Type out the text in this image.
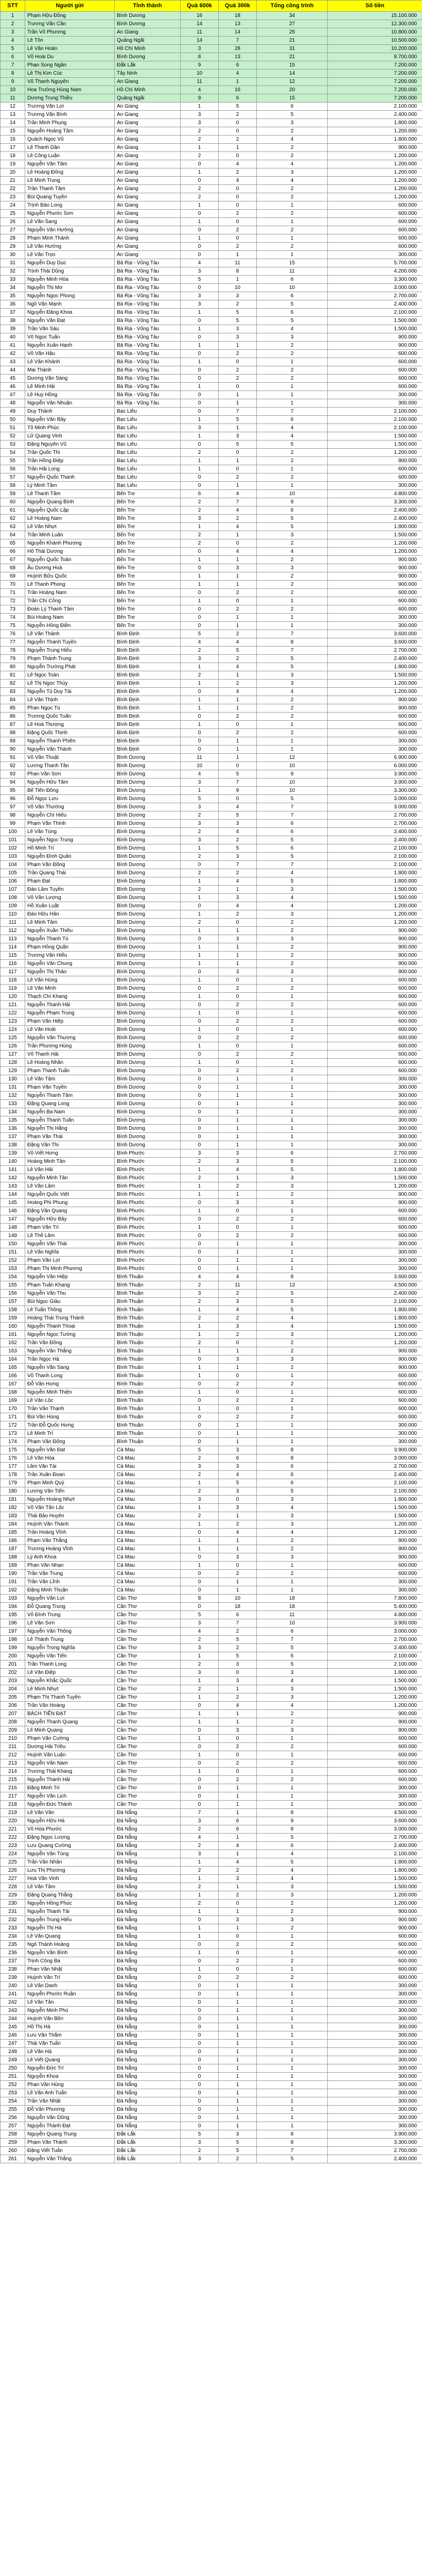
STT	Người gửi	Tỉnh thành	Quà 600k	Quà 300k	Tổng công trình	Số tiền
1	Phạm Hữu Đồng	Bình Dương	16	18	34	15.100.000
2	Trương Văn Cần	Bình Dương	14	13	27	12.300.000
3	Trần Võ Phương	An Giang	11	14	25	10.800.000
4	Lê Tôn	Quảng Ngãi	14	7	21	10.500.000
5	Lê Văn Hoàn	Hồ Chí Minh	3	28	31	10.200.000
6	Võ Hoài Du	Bình Dương	8	13	21	8.700.000
7	Phan Song Ngân	Đắk Lắk	9	6	15	7.200.000
8	Lê Thị Kim Cúc	Tây Ninh	10	4	14	7.200.000
9	Võ Thanh Nguyên	An Giang	11	1	12	7.200.000
10	Hoa Trường Hùng Nam	Hồ Chí Minh	4	16	20	7.200.000
11	Dương Trung Thiều	Quảng Ngãi	9	6	15	7.200.000
12	Trương Văn Lợi	An Giang	1	5	6	2.100.000
13	Trương Văn Bình	An Giang	3	2	5	2.400.000
14	Trần Minh Phụng	An Giang	3	0	3	1.800.000
15	Nguyễn Hoàng Tâm	An Giang	2	0	2	1.200.000
16	Quách Ngọc Vũ	An Giang	2	2	4	1.800.000
17	Lê Thanh Dân	An Giang	1	1	2	900.000
18	Lê Công Luận	An Giang	2	0	2	1.200.000
19	Nguyễn Văn Tâm	An Giang	0	4	4	1.200.000
20	Lê Hoàng Đông	An Giang	1	2	3	1.200.000
21	Lê Minh Trung	An Giang	0	4	4	1.200.000
22	Trần Thanh Tâm	An Giang	2	0	2	1.200.000
23	Bùi Quang Tuyền	An Giang	2	0	2	1.200.000
24	Trịnh Bảo Long	An Giang	1	0	1	600.000
25	Nguyễn Phước Sơn	An Giang	0	2	2	600.000
26	Lê Văn Sang	An Giang	1	0	1	600.000
27	Nguyễn Văn Hường	An Giang	0	2	2	600.000
28	Phạm Minh Thành	An Giang	1	0	1	600.000
29	Lê Văn Hường	An Giang	0	2	2	600.000
30	Lê Văn Trọn	An Giang	0	1	1	300.000
31	Nguyễn Duy Dục	Bà Rịa - Vũng Tàu	4	11	15	5.700.000
32	Trịnh Thái Dũng	Bà Rịa - Vũng Tàu	3	8	11	4.200.000
33	Nguyễn Minh Hòa	Bà Rịa - Vũng Tàu	5	1	6	3.300.000
34	Nguyễn Thị Mơ	Bà Rịa - Vũng Tàu	0	10	10	3.000.000
35	Nguyễn Ngọc Phong	Bà Rịa - Vũng Tàu	3	3	6	2.700.000
36	Ngô Văn Mạnh	Bà Rịa - Vũng Tàu	3	2	5	2.400.000
37	Nguyễn Đăng Khoa	Bà Rịa - Vũng Tàu	1	5	6	2.100.000
38	Nguyễn Văn Đạt	Bà Rịa - Vũng Tàu	0	5	5	1.500.000
39	Trần Văn Sáu	Bà Rịa - Vũng Tàu	1	3	4	1.500.000
40	Võ Ngọc Tuấn	Bà Rịa - Vũng Tàu	0	3	3	900.000
41	Nguyễn Xuân Hạnh	Bà Rịa - Vũng Tàu	1	1	2	900.000
42	Võ Văn Hậu	Bà Rịa - Vũng Tàu	0	2	2	600.000
43	Lê Văn Khánh	Bà Rịa - Vũng Tàu	1	0	1	600.000
44	Mai Thành	Bà Rịa - Vũng Tàu	0	2	2	600.000
45	Dương Văn Sáng	Bà Rịa - Vũng Tàu	0	2	2	600.000
46	Lê Minh Hải	Bà Rịa - Vũng Tàu	1	0	1	600.000
47	Lê Huy Hồng	Bà Rịa - Vũng Tàu	0	1	1	300.000
48	Nguyễn Văn Nhuận	Bà Rịa - Vũng Tàu	0	1	1	300.000
49	Duy Thành	Bạc Liêu	0	7	7	2.100.000
50	Nguyễn Văn Bảy	Bạc Liêu	1	5	6	2.100.000
51	Tô Minh Phúc	Bạc Liêu	3	1	4	2.100.000
52	Lữ Quang Vinh	Bạc Liêu	1	3	4	1.500.000
53	Đặng Nguyên Vũ	Bạc Liêu	0	5	5	1.500.000
54	Trần Quốc Thi	Bạc Liêu	2	0	2	1.200.000
55	Trần Hồng Điệp	Bạc Liêu	1	1	2	900.000
56	Trần Hải Long	Bạc Liêu	1	0	1	600.000
57	Nguyễn Quốc Thanh	Bạc Liêu	0	2	2	600.000
58	Lý Minh Tâm	Bạc Liêu	0	1	1	300.000
59	Lê Thanh Tâm	Bến Tre	6	4	10	4.800.000
60	Nguyễn Quang Bình	Bến Tre	2	7	9	3.300.000
61	Nguyễn Quốc Lập	Bến Tre	2	4	6	2.400.000
62	Lê Hoàng Nam	Bến Tre	3	2	5	2.400.000
63	Lê Văn Nhựt	Bến Tre	1	4	5	1.800.000
64	Trần Minh Luân	Bến Tre	2	1	3	1.500.000
65	Nguyễn Khánh Phương	Bến Tre	2	0	2	1.200.000
66	Hồ Thái Dương	Bến Tre	0	4	4	1.200.000
67	Nguyễn Quốc Toàn	Bến Tre	1	1	2	900.000
68	Âu Dương Hoà	Bến Tre	0	3	3	900.000
69	Huỳnh Bửu Quốc	Bến Tre	1	1	2	900.000
70	Lê Thanh Phong	Bến Tre	1	1	2	900.000
71	Trần Hoàng Nam	Bến Tre	0	2	2	600.000
72	Trần Chí Công	Bến Tre	1	0	1	600.000
73	Đoàn Lý Thanh Tâm	Bến Tre	0	2	2	600.000
74	Bùi Hoàng Nam	Bến Tre	0	1	1	300.000
75	Nguyễn Hồng Điền	Bến Tre	0	1	1	300.000
76	Lê Văn Thành	Bình Định	5	2	7	3.600.000
77	Nguyễn Thanh Tuyền	Bình Định	4	4	8	3.600.000
78	Nguyễn Trung Hiếu	Bình Định	2	5	7	2.700.000
79	Phạm Thành Trung	Bình Định	3	2	5	2.400.000
80	Nguyễn Trường Phát	Bình Định	1	4	5	1.800.000
81	Lê Ngọc Toàn	Bình Định	2	1	3	1.500.000
82	Lê Thị Ngọc Thùy	Bình Định	1	2	3	1.200.000
83	Nguyễn Tú Duy Tài	Bình Định	0	4	4	1.200.000
84	Lê Văn Thịnh	Bình Định	1	1	2	900.000
85	Phan Ngọc Tú	Bình Định	1	1	2	900.000
86	Trương Quốc Tuấn	Bình Định	0	2	2	600.000
87	Lê Hoà Thượng	Bình Định	1	0	1	600.000
88	Đặng Quốc Thịnh	Bình Định	0	2	2	600.000
89	Nguyễn Thanh Phiên	Bình Định	0	1	1	300.000
90	Nguyễn Văn Thành	Bình Định	0	1	1	300.000
91	Võ Văn Thuật	Bình Dương	11	1	12	6.900.000
92	Lương Thanh Tân	Bình Dương	10	0	10	6.000.000
93	Phan Văn Sơn	Bình Dương	4	5	9	3.900.000
94	Nguyễn Hữu Tâm	Bình Dương	3	7	10	3.900.000
95	Bế Tiến Đông	Bình Dương	1	9	10	3.300.000
96	Đỗ Ngọc Lưu	Bình Dương	5	0	5	3.000.000
97	Võ Văn Thường	Bình Dương	3	4	7	3.000.000
98	Nguyễn Chí Hiếu	Bình Dương	2	5	7	2.700.000
99	Phạm Văn Thình	Bình Dương	3	3	6	2.700.000
100	Lê Văn Tùng	Bình Dương	2	4	6	2.400.000
101	Nguyễn Ngọc Trung	Bình Dương	3	2	5	2.400.000
102	Hồ Minh Trí	Bình Dương	1	5	6	2.100.000
103	Nguyễn Đình Quân	Bình Dương	2	3	5	2.100.000
104	Phạm Văn Đồng	Bình Dương	0	7	7	2.100.000
105	Trần Quang Thái	Bình Dương	2	2	4	1.800.000
106	Phạm Đạt	Bình Dương	1	4	5	1.800.000
107	Đào Lâm Tuyền	Bình Dương	2	1	3	1.500.000
108	Võ Văn Lượng	Bình Dương	1	3	4	1.500.000
109	Hồ Xuân Luật	Bình Dương	0	4	4	1.200.000
110	Đào Hữu Hân	Bình Dương	1	2	3	1.200.000
111	Lê Minh Tâm	Bình Dương	2	0	2	1.200.000
112	Nguyễn Xuân Thiều	Bình Dương	1	1	2	900.000
113	Nguyễn Thanh Tú	Bình Dương	0	3	3	900.000
114	Phạm Hồng Quân	Bình Dương	1	1	2	900.000
115	Trương Văn Hiếu	Bình Dương	1	1	2	900.000
116	Nguyễn Văn Chung	Bình Dương	1	1	2	900.000
117	Nguyễn Thị Thảo	Bình Dương	0	3	3	900.000
118	Lê Văn Hùng	Bình Dương	1	0	1	600.000
119	Lê Văn Minh	Bình Dương	0	2	2	600.000
120	Thạch Chí Khang	Bình Dương	1	0	1	600.000
121	Nguyễn Thanh Hải	Bình Dương	0	2	2	600.000
122	Nguyễn Phạm Trung	Bình Dương	1	0	1	600.000
123	Phạm Văn Hiệp	Bình Dương	0	2	2	600.000
124	Lê Văn Hoài	Bình Dương	1	0	1	600.000
125	Nguyễn Văn Thương	Bình Dương	0	2	2	600.000
126	Trần Phương Hùng	Bình Dương	1	0	1	600.000
127	Võ Thanh Hải	Bình Dương	0	2	2	600.000
128	Lê Hoàng Nhân	Bình Dương	1	0	1	600.000
129	Phạm Thanh Tuấn	Bình Dương	0	2	2	600.000
130	Lê Văn Tâm	Bình Dương	0	1	1	300.000
131	Phạm Văn Tuyền	Bình Dương	0	1	1	300.000
132	Nguyễn Thanh Tâm	Bình Dương	0	1	1	300.000
133	Đặng Quang Long	Bình Dương	0	1	1	300.000
134	Nguyễn Ba Nam	Bình Dương	0	1	1	300.000
135	Nguyễn Thanh Tuấn	Bình Dương	0	1	1	300.000
136	Nguyễn Thị Hằng	Bình Dương	0	1	1	300.000
137	Phạm Văn Thái	Bình Dương	0	1	1	300.000
138	Đặng Văn Thi	Bình Dương	0	1	1	300.000
139	Võ Viết Hưng	Bình Phước	3	3	6	2.700.000
140	Hoàng Minh Tân	Bình Phước	2	3	5	2.100.000
141	Lê Văn Hải	Bình Phước	1	4	5	1.800.000
142	Nguyễn Minh Tân	Bình Phước	2	1	3	1.500.000
143	Lê Văn Lâm	Bình Phước	1	2	3	1.200.000
144	Nguyễn Quốc Việt	Bình Phước	1	1	2	900.000
145	Hoàng Phi Phung	Bình Phước	0	3	3	900.000
146	Đặng Văn Quang	Bình Phước	1	0	1	600.000
147	Nguyễn Hữu Bảy	Bình Phước	0	2	2	600.000
148	Phạm Văn Trí	Bình Phước	1	0	1	600.000
149	Lê Thế Lâm	Bình Phước	0	2	2	600.000
150	Nguyễn Văn Thái	Bình Phước	0	1	1	300.000
151	Lê Văn Nghĩa	Bình Phước	0	1	1	300.000
152	Phạm Văn Lợi	Bình Phước	0	1	1	300.000
153	Phạm Thị Minh Phương	Bình Phước	0	1	1	300.000
154	Nguyễn Văn Hiệp	Bình Thuận	4	4	8	3.600.000
155	Phạm Tuấn Khang	Bình Thuận	2	11	13	4.500.000
156	Nguyễn Văn Thu	Bình Thuận	3	2	5	2.400.000
157	Bùi Ngọc Giàu	Bình Thuận	2	3	5	2.100.000
158	Lê Tuấn Thông	Bình Thuận	1	4	5	1.800.000
159	Hoàng Thái Trung Thành	Bình Thuận	2	2	4	1.800.000
160	Nguyễn Thanh Thoại	Bình Thuận	1	3	4	1.500.000
161	Nguyễn Ngọc Tường	Bình Thuận	1	2	3	1.200.000
162	Trần Văn Đồng	Bình Thuận	2	0	2	1.200.000
163	Nguyễn Văn Thắng	Bình Thuận	1	1	2	900.000
164	Trần Ngọc Hà	Bình Thuận	0	3	3	900.000
165	Nguyễn Văn Sang	Bình Thuận	1	1	2	900.000
166	Võ Thanh Long	Bình Thuận	1	0	1	600.000
167	Đỗ Văn Hưng	Bình Thuận	0	2	2	600.000
168	Nguyễn Minh Thiện	Bình Thuận	1	0	1	600.000
169	Lê Văn Lộc	Bình Thuận	0	2	2	600.000
170	Trần Văn Thạnh	Bình Thuận	1	0	1	600.000
171	Bùi Văn Hùng	Bình Thuận	0	2	2	600.000
172	Trần Đỗ Quốc Hưng	Bình Thuận	0	1	1	300.000
173	Lê Minh Trí	Bình Thuận	0	1	1	300.000
174	Phạm Văn Đông	Bình Thuận	0	1	1	300.000
175	Nguyễn Văn Đạt	Cà Mau	5	3	8	3.900.000
176	Lê Văn Hòa	Cà Mau	2	6	8	3.000.000
177	Lâm Văn Tài	Cà Mau	3	3	6	2.700.000
178	Trần Xuân Đoan	Cà Mau	2	4	6	2.400.000
179	Phạm Minh Quý	Cà Mau	1	5	6	2.100.000
180	Lương Văn Tiến	Cà Mau	2	3	5	2.100.000
181	Nguyễn Hoàng Nhựt	Cà Mau	3	0	3	1.800.000
182	Võ Văn Tấn Lộc	Cà Mau	1	3	4	1.500.000
183	Thái Bảo Huyên	Cà Mau	2	1	3	1.500.000
184	Huỳnh Văn Thành	Cà Mau	1	2	3	1.200.000
185	Trần Hoàng Vĩnh	Cà Mau	0	4	4	1.200.000
186	Phạm Văn Thắng	Cà Mau	1	1	2	900.000
187	Trương Hoàng Vĩnh	Cà Mau	1	1	2	900.000
188	Lý Anh Khoa	Cà Mau	0	3	3	900.000
189	Phan Văn Nhạn	Cà Mau	1	0	1	600.000
190	Trần Văn Trung	Cà Mau	0	2	2	600.000
191	Trần Văn Lĩnh	Cà Mau	0	1	1	300.000
192	Đặng Minh Thuận	Cà Mau	0	1	1	300.000
193	Nguyễn Văn Lợi	Cần Thơ	8	10	18	7.800.000
194	Đỗ Quang Trung	Cần Thơ	0	18	18	5.400.000
195	Võ Đình Trung	Cần Thơ	5	6	11	4.800.000
196	Lê Văn Sơn	Cần Thơ	3	7	10	3.900.000
197	Nguyễn Văn Thông	Cần Thơ	4	2	6	3.000.000
198	Lê Thành Trung	Cần Thơ	2	5	7	2.700.000
199	Nguyễn Trọng Nghĩa	Cần Thơ	3	2	5	2.400.000
200	Nguyễn Văn Tiến	Cần Thơ	1	5	6	2.100.000
201	Trần Thanh Long	Cần Thơ	2	3	5	2.100.000
202	Lê Văn Điệp	Cần Thơ	3	0	3	1.800.000
203	Nguyễn Khắc Quốc	Cần Thơ	1	3	4	1.500.000
204	Lê Minh Nhựt	Cần Thơ	2	1	3	1.500.000
205	Phạm Thị Thanh Tuyền	Cần Thơ	1	2	3	1.200.000
206	Trần Văn Hoàng	Cần Thơ	0	4	4	1.200.000
207	BÁCH TIẾN ĐẠT	Cần Thơ	1	1	2	900.000
208	Nguyễn Thanh Quang	Cần Thơ	1	1	2	900.000
209	Lê Minh Quang	Cần Thơ	0	3	3	900.000
210	Phạm Văn Cường	Cần Thơ	1	0	1	600.000
211	Dương Hải Triều	Cần Thơ	0	2	2	600.000
212	Huỳnh Văn Luận	Cần Thơ	1	0	1	600.000
213	Nguyễn Văn Nam	Cần Thơ	0	2	2	600.000
214	Trương Thái Khang	Cần Thơ	1	0	1	600.000
215	Nguyễn Thanh Hải	Cần Thơ	0	2	2	600.000
216	Đặng Minh Trí	Cần Thơ	0	1	1	300.000
217	Nguyễn Văn Lịch	Cần Thơ	0	1	1	300.000
218	Nguyễn Đức Thành	Cần Thơ	0	1	1	300.000
219	Lê Văn Vân	Đà Nẵng	7	1	8	4.500.000
220	Nguyễn Hữu Hà	Đà Nẵng	3	6	9	3.600.000
221	Võ Hòa Phước	Đà Nẵng	2	6	8	3.000.000
222	Đặng Ngọc Lượng	Đà Nẵng	4	1	5	2.700.000
223	Lưu Quang Cường	Đà Nẵng	2	4	6	2.400.000
224	Nguyễn Văn Tùng	Đà Nẵng	3	1	4	2.100.000
225	Trần Văn Nhân	Đà Nẵng	1	4	5	1.800.000
226	Lưu Thị Phương	Đà Nẵng	2	2	4	1.800.000
227	Hoà Văn Vinh	Đà Nẵng	1	3	4	1.500.000
228	Lê Văn Tâm	Đà Nẵng	2	1	3	1.500.000
229	Đặng Quang Thắng	Đà Nẵng	1	2	3	1.200.000
230	Nguyễn Hồng Phúc	Đà Nẵng	2	0	2	1.200.000
231	Nguyễn Thanh Tài	Đà Nẵng	1	1	2	900.000
232	Nguyễn Trung Hiếu	Đà Nẵng	0	3	3	900.000
233	Nguyễn Thị Hà	Đà Nẵng	1	1	2	900.000
234	Lê Văn Quang	Đà Nẵng	1	0	1	600.000
235	Ngô Thành Hoàng	Đà Nẵng	0	2	2	600.000
236	Nguyễn Văn Bình	Đà Nẵng	1	0	1	600.000
237	Trịnh Công Ba	Đà Nẵng	0	2	2	600.000
238	Phan Văn Nhật	Đà Nẵng	1	0	1	600.000
239	Huỳnh Văn Trí	Đà Nẵng	0	2	2	600.000
240	Lê Văn Danh	Đà Nẵng	0	1	1	300.000
241	Nguyễn Phước Ruận	Đà Nẵng	0	1	1	300.000
242	Lê Văn Tân	Đà Nẵng	0	1	1	300.000
243	Nguyễn Minh Phú	Đà Nẵng	0	1	1	300.000
244	Huỳnh Văn Bền	Đà Nẵng	0	1	1	300.000
245	Hồ Thị Hà	Đà Nẵng	0	1	1	300.000
246	Lưu Văn Thắm	Đà Nẵng	0	1	1	300.000
247	Thái Văn Tuấn	Đà Nẵng	0	1	1	300.000
248	Lê Văn Hà	Đà Nẵng	0	1	1	300.000
249	Lê Viết Quang	Đà Nẵng	0	1	1	300.000
250	Nguyễn Đức Trí	Đà Nẵng	0	1	1	300.000
251	Nguyễn Khoa	Đà Nẵng	0	1	1	300.000
252	Phan Văn Hùng	Đà Nẵng	0	1	1	300.000
253	Lê Văn Anh Tuấn	Đà Nẵng	0	1	1	300.000
254	Trần Văn Nhật	Đà Nẵng	0	1	1	300.000
255	Đỗ Văn Phương	Đà Nẵng	0	1	1	300.000
256	Nguyễn Văn Dũng	Đà Nẵng	0	1	1	300.000
257	Nguyễn Thành Đạt	Đà Nẵng	0	1	1	300.000
258	Nguyễn Quang Trung	Đắk Lắk	5	3	8	3.900.000
259	Phạm Văn Thành	Đắk Lắk	3	5	8	3.300.000
260	Đặng Viết Tuấn	Đắk Lắk	2	5	7	2.700.000
261	Nguyễn Văn Thắng	Đắk Lắk	3	2	5	2.400.000
